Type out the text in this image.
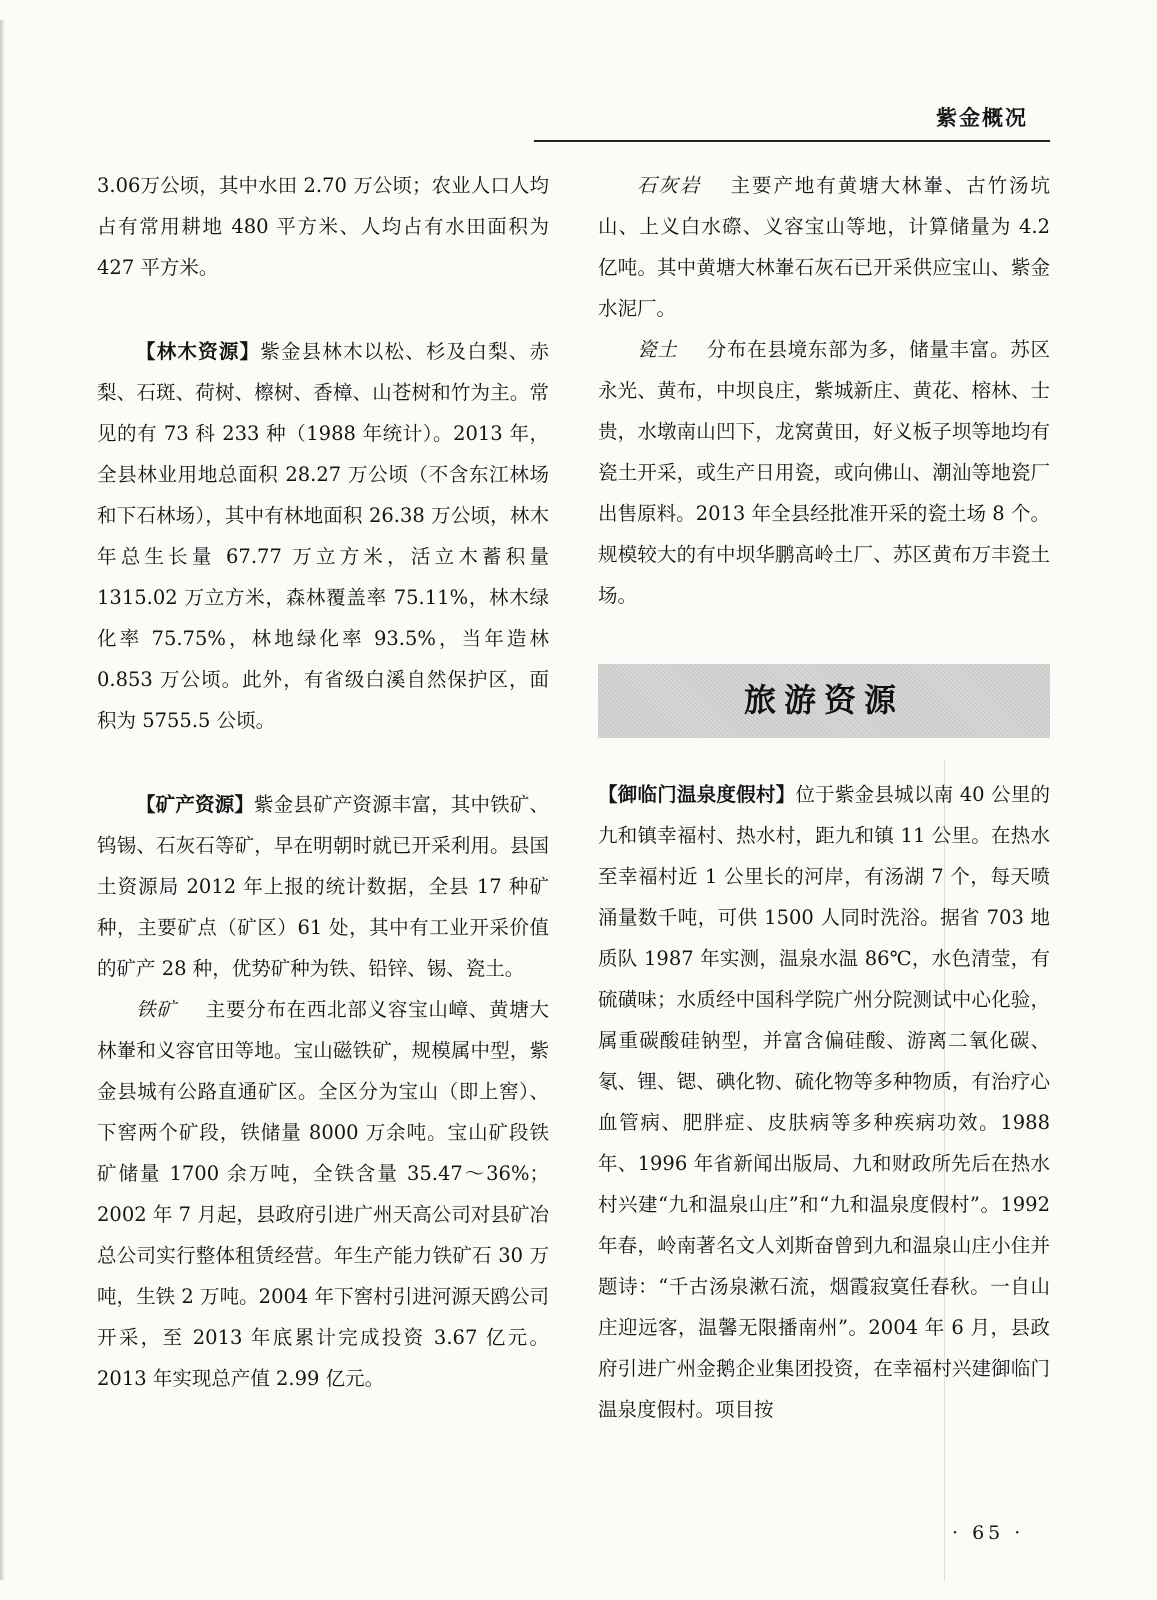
紫金概况

3.06万公顷，其中水田 2.70 万公顷；农业人口人均占有常用耕地 480 平方米、人均占有水田面积为 427 平方米。

【林木资源】紫金县林木以松、杉及白梨、赤梨、石斑、荷树、檫树、香樟、山苍树和竹为主。常见的有 73 科 233 种（1988 年统计）。2013 年，全县林业用地总面积 28.27 万公顷（不含东江林场和下石林场），其中有林地面积 26.38 万公顷，林木年总生长量 67.77 万立方米，活立木蓄积量 1315.02 万立方米，森林覆盖率 75.11%，林木绿化率 75.75%，林地绿化率 93.5%，当年造林 0.853 万公顷。此外，有省级白溪自然保护区，面积为 5755.5 公顷。

【矿产资源】紫金县矿产资源丰富，其中铁矿、钨锡、石灰石等矿，早在明朝时就已开采利用。县国土资源局 2012 年上报的统计数据，全县 17 种矿种，主要矿点（矿区）61 处，其中有工业开采价值的矿产 28 种，优势矿种为铁、铅锌、锡、瓷土。

铁矿 主要分布在西北部义容宝山嶂、黄塘大林輋和义容官田等地。宝山磁铁矿，规模属中型，紫金县城有公路直通矿区。全区分为宝山（即上窖）、下窖两个矿段，铁储量 8000 万余吨。宝山矿段铁矿储量 1700 余万吨，全铁含量 35.47～36%；2002 年 7 月起，县政府引进广州天高公司对县矿冶总公司实行整体租赁经营。年生产能力铁矿石 30 万吨，生铁 2 万吨。2004 年下窖村引进河源天鸥公司开采，至 2013 年底累计完成投资 3.67 亿元。2013 年实现总产值 2.99 亿元。

石灰岩 主要产地有黄塘大林輋、古竹汤坑山、上义白水磜、义容宝山等地，计算储量为 4.2 亿吨。其中黄塘大林輋石灰石已开采供应宝山、紫金水泥厂。

瓷土 分布在县境东部为多，储量丰富。苏区永光、黄布，中坝良庄，紫城新庄、黄花、榕林、士贵，水墩南山凹下，龙窝黄田，好义板子坝等地均有瓷土开采，或生产日用瓷，或向佛山、潮汕等地瓷厂出售原料。2013 年全县经批准开采的瓷土场 8 个。规模较大的有中坝华鹏高岭土厂、苏区黄布万丰瓷土场。

旅游资源

【御临门温泉度假村】位于紫金县城以南 40 公里的九和镇幸福村、热水村，距九和镇 11 公里。在热水至幸福村近 1 公里长的河岸，有汤湖 7 个，每天喷涌量数千吨，可供 1500 人同时洗浴。据省 703 地质队 1987 年实测，温泉水温 86℃，水色清莹，有硫磺味；水质经中国科学院广州分院测试中心化验，属重碳酸硅钠型，并富含偏硅酸、游离二氧化碳、氡、锂、锶、碘化物、硫化物等多种物质，有治疗心血管病、肥胖症、皮肤病等多种疾病功效。1988 年、1996 年省新闻出版局、九和财政所先后在热水村兴建“九和温泉山庄”和“九和温泉度假村”。1992 年春，岭南著名文人刘斯奋曾到九和温泉山庄小住并题诗：“千古汤泉漱石流，烟霞寂寞任春秋。一自山庄迎远客，温馨无限播南州”。2004 年 6 月，县政府引进广州金鹅企业集团投资，在幸福村兴建御临门温泉度假村。项目按

· 65 ·
